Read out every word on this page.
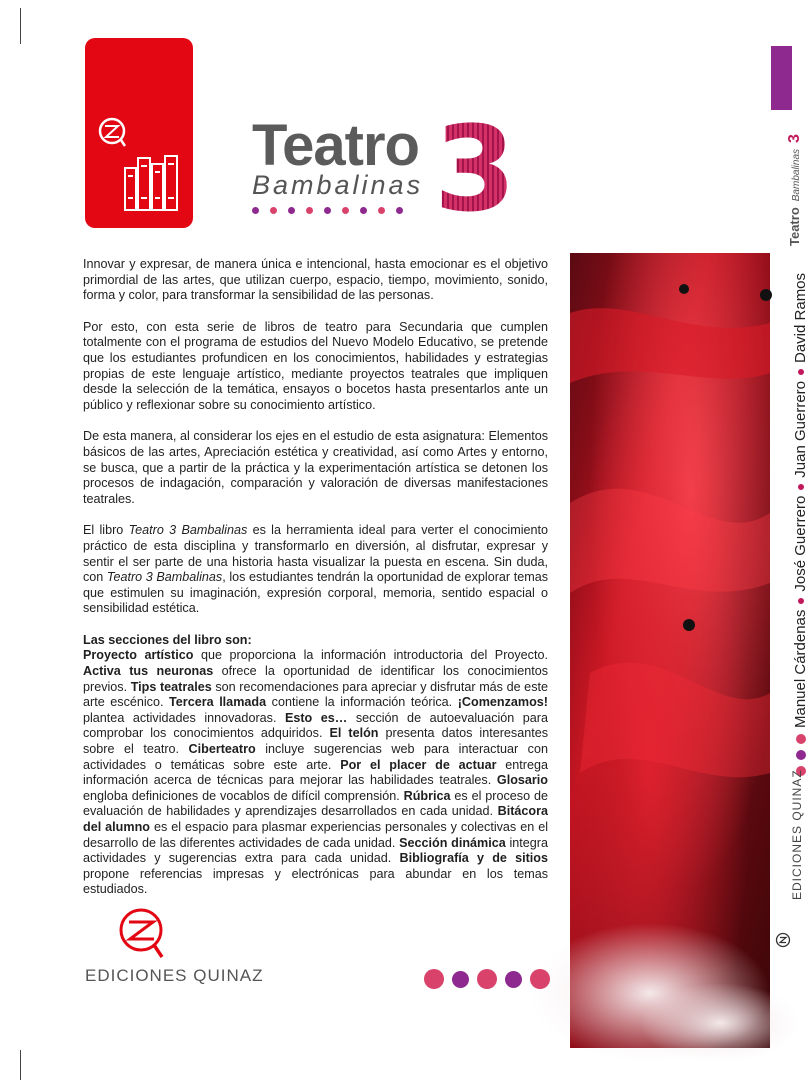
Teatro
Bambalinas 3

Innovar y expresar, de manera única e intencional, hasta emocionar es el objetivo primordial de las artes, que utilizan cuerpo, espacio, tiempo, movimiento, sonido, forma y color, para transformar la sensibilidad de las personas.

Por esto, con esta serie de libros de teatro para Secundaria que cumplen totalmente con el programa de estudios del Nuevo Modelo Educativo, se pretende que los estudiantes profundicen en los conocimientos, habilidades y estrategias propias de este lenguaje artístico, mediante proyectos teatrales que impliquen desde la selección de la temática, ensayos o bocetos hasta presentarlos ante un público y reflexionar sobre su conocimiento artístico.

De esta manera, al considerar los ejes en el estudio de esta asignatura: Elementos básicos de las artes, Apreciación estética y creatividad, así como Artes y entorno, se busca, que a partir de la práctica y la experimentación artística se detonen los procesos de indagación, comparación y valoración de diversas manifestaciones teatrales.

El libro Teatro 3 Bambalinas es la herramienta ideal para verter el conocimiento práctico de esta disciplina y transformarlo en diversión, al disfrutar, expresar y sentir el ser parte de una historia hasta visualizar la puesta en escena. Sin duda, con Teatro 3 Bambalinas, los estudiantes tendrán la oportunidad de explorar temas que estimulen su imaginación, expresión corporal, memoria, sentido espacial o sensibilidad estética.

Las secciones del libro son:

Proyecto artístico que proporciona la información introductoria del Proyecto. Activa tus neuronas ofrece la oportunidad de identificar los conocimientos previos. Tips teatrales son recomendaciones para apreciar y disfrutar más de este arte escénico. Tercera llamada contiene la información teórica. ¡Comenzamos! plantea actividades innovadoras. Esto es… sección de autoevaluación para comprobar los conocimientos adquiridos. El telón presenta datos interesantes sobre el teatro. Ciberteatro incluye sugerencias web para interactuar con actividades o temáticas sobre este arte. Por el placer de actuar entrega información acerca de técnicas para mejorar las habilidades teatrales. Glosario engloba definiciones de vocablos de difícil comprensión. Rúbrica es el proceso de evaluación de habilidades y aprendizajes desarrollados en cada unidad. Bitácora del alumno es el espacio para plasmar experiencias personales y colectivas en el desarrollo de las diferentes actividades de cada unidad. Sección dinámica integra actividades y sugerencias extra para cada unidad. Bibliografía y de sitios propone referencias impresas y electrónicas para abundar en los temas estudiados.

TeatroBambalinas3
Manuel Cárdenas
José Guerrero
Juan Guerrero
David Ramos
EDICIONES QUINAZ
EDICIONES QUINAZ
